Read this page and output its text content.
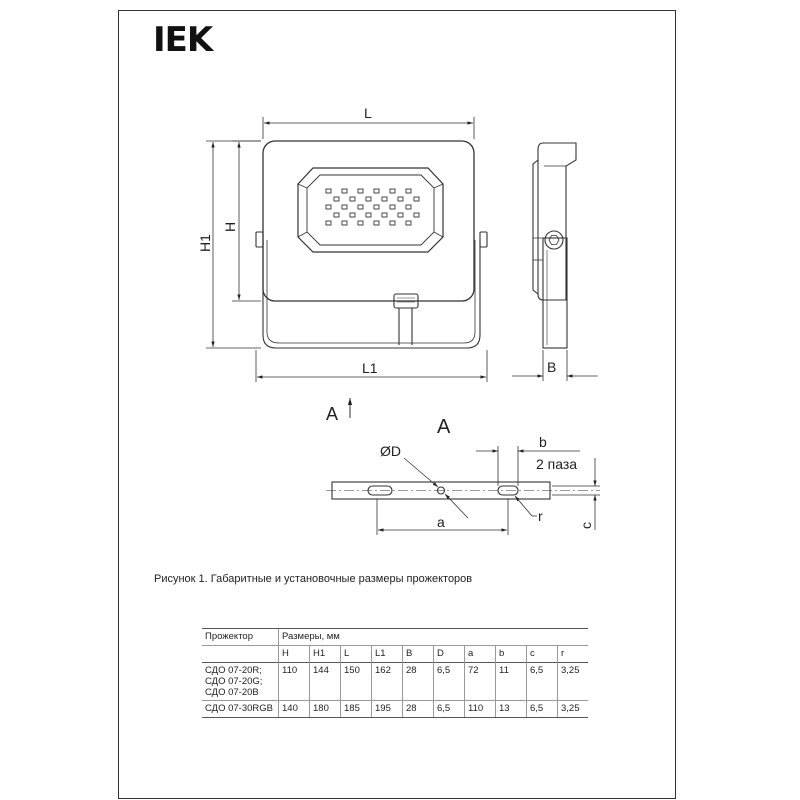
IEK
L
L1
H
H1
B
A
A
ØD
b
2 паза
a	r
c
Рисунок 1. Габаритные и установочные размеры прожекторов
Прожектор	Размеры, мм									
	H	H1	L	L1	B	D	a	b	c	r

СДО 07-20R;
СДО 07-20G;
СДО 07-20B	110	144	150	162	28	6,5	72	11	6,5	3,25

СДО 07-30RGB	140	180	185	195	28	6,5	110	13	6,5	3,25
